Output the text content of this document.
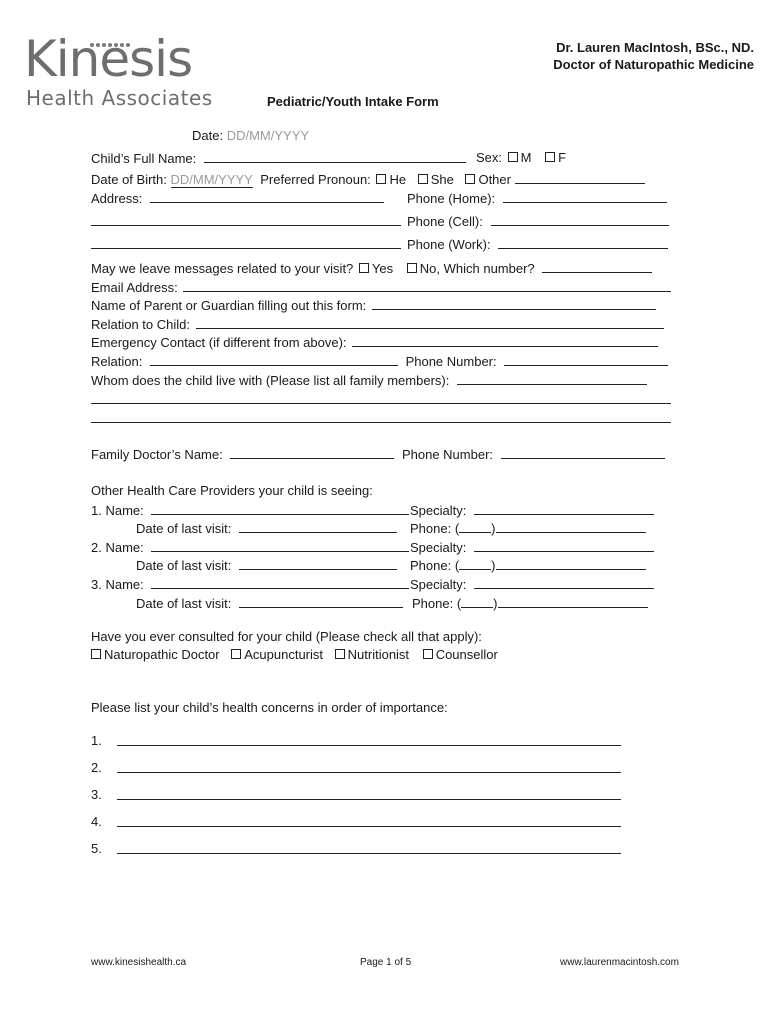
Kinesis
Health Associates
Dr. Lauren MacIntosh, BSc., ND.
Doctor of Naturopathic Medicine
Pediatric/Youth Intake Form
Date: DD/MM/YYYY
Child’s Full Name:	Sex: M F
Date of Birth: DD/MM/YYYY Preferred Pronoun: He She Other
Address:	Phone (Home):
Phone (Cell):
Phone (Work):
May we leave messages related to your visit? Yes No, Which number?
Email Address:
Name of Parent or Guardian filling out this form:
Relation to Child:
Emergency Contact (if different from above):
Relation:	Phone Number:
Whom does the child live with (Please list all family members):
Family Doctor’s Name:	Phone Number:
Other Health Care Providers your child is seeing:
1. Name:	Specialty:
Date of last visit:	Phone: ( )
2. Name:	Specialty:
Date of last visit:	Phone: ( )
3. Name:	Specialty:
Date of last visit:	Phone: ( )
Have you ever consulted for your child (Please check all that apply):
Naturopathic Doctor Acupuncturist Nutritionist Counsellor
Please list your child’s health concerns in order of importance:
1.
2.
3.
4.
5.
www.kinesishealth.ca	Page 1 of 5	www.laurenmacintosh.com
